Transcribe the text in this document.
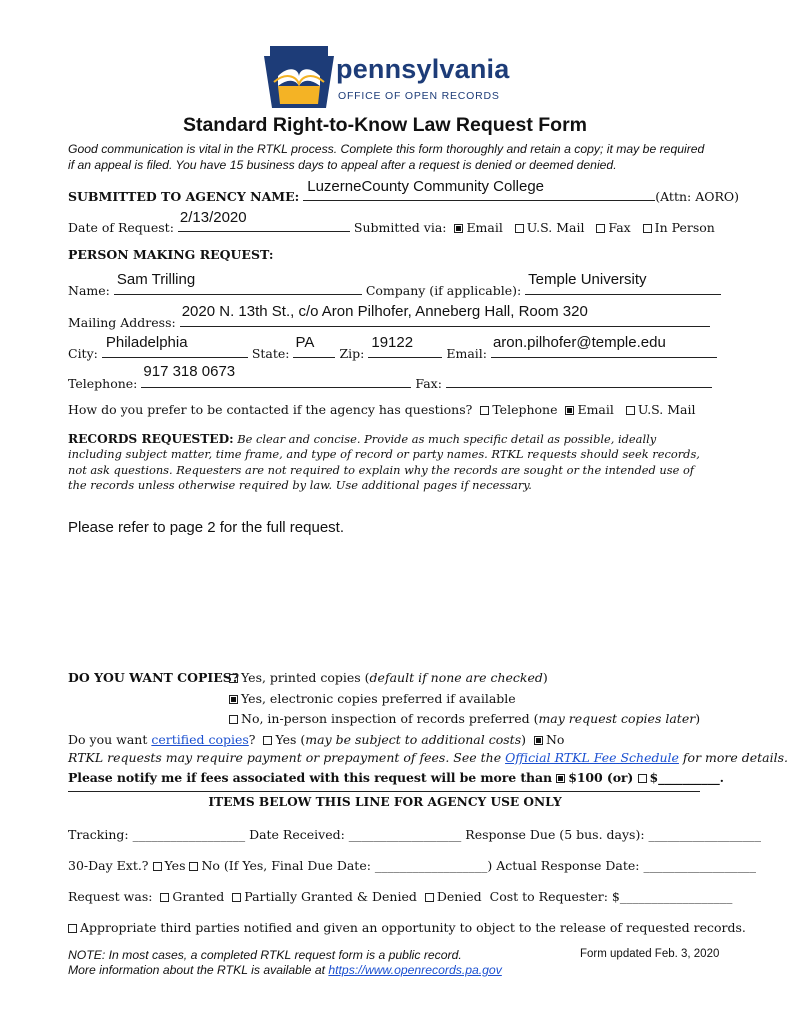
pennsylvania
OFFICE OF OPEN RECORDS
Standard Right-to-Know Law Request Form
Good communication is vital in the RTKL process. Complete this form thoroughly and retain a copy; it may be required if an appeal is filed. You have 15 business days to appeal after a request is denied or deemed denied.
SUBMITTED TO AGENCY NAME:
LuzerneCounty Community College
(Attn: AORO)
Date of Request:
2/13/2020
Submitted via: Email U.S. Mail Fax In Person
PERSON MAKING REQUEST:
Name:
Sam Trilling
Company (if applicable):
Temple University
Mailing Address:
2020 N. 13th St., c/o Aron Pilhofer, Anneberg Hall, Room 320
City:
Philadelphia
State:
PA
Zip:
19122
Email:
aron.pilhofer@temple.edu
Telephone:
917 318 0673
Fax:
How do you prefer to be contacted if the agency has questions? Telephone Email U.S. Mail
RECORDS REQUESTED: Be clear and concise. Provide as much specific detail as possible, ideally including subject matter, time frame, and type of record or party names. RTKL requests should seek records, not ask questions. Requesters are not required to explain why the records are sought or the intended use of the records unless otherwise required by law. Use additional pages if necessary.
Please refer to page 2 for the full request.
DO YOU WANT COPIES? Yes, printed copies (default if none are checked)
Yes, electronic copies preferred if available
No, in-person inspection of records preferred (may request copies later)
Do you want certified copies? Yes (may be subject to additional costs) No
RTKL requests may require payment or prepayment of fees. See the Official RTKL Fee Schedule for more details.
Please notify me if fees associated with this request will be more than $100 (or) $__________.
ITEMS BELOW THIS LINE FOR AGENCY USE ONLY
Tracking: __________________ Date Received: __________________ Response Due (5 bus. days): __________________
30-Day Ext.? Yes No (If Yes, Final Due Date: __________________) Actual Response Date: __________________
Request was: Granted Partially Granted & Denied Denied Cost to Requester: $__________________
Appropriate third parties notified and given an opportunity to object to the release of requested records.
NOTE: In most cases, a completed RTKL request form is a public record.
More information about the RTKL is available at https://www.openrecords.pa.gov
Form updated Feb. 3, 2020
